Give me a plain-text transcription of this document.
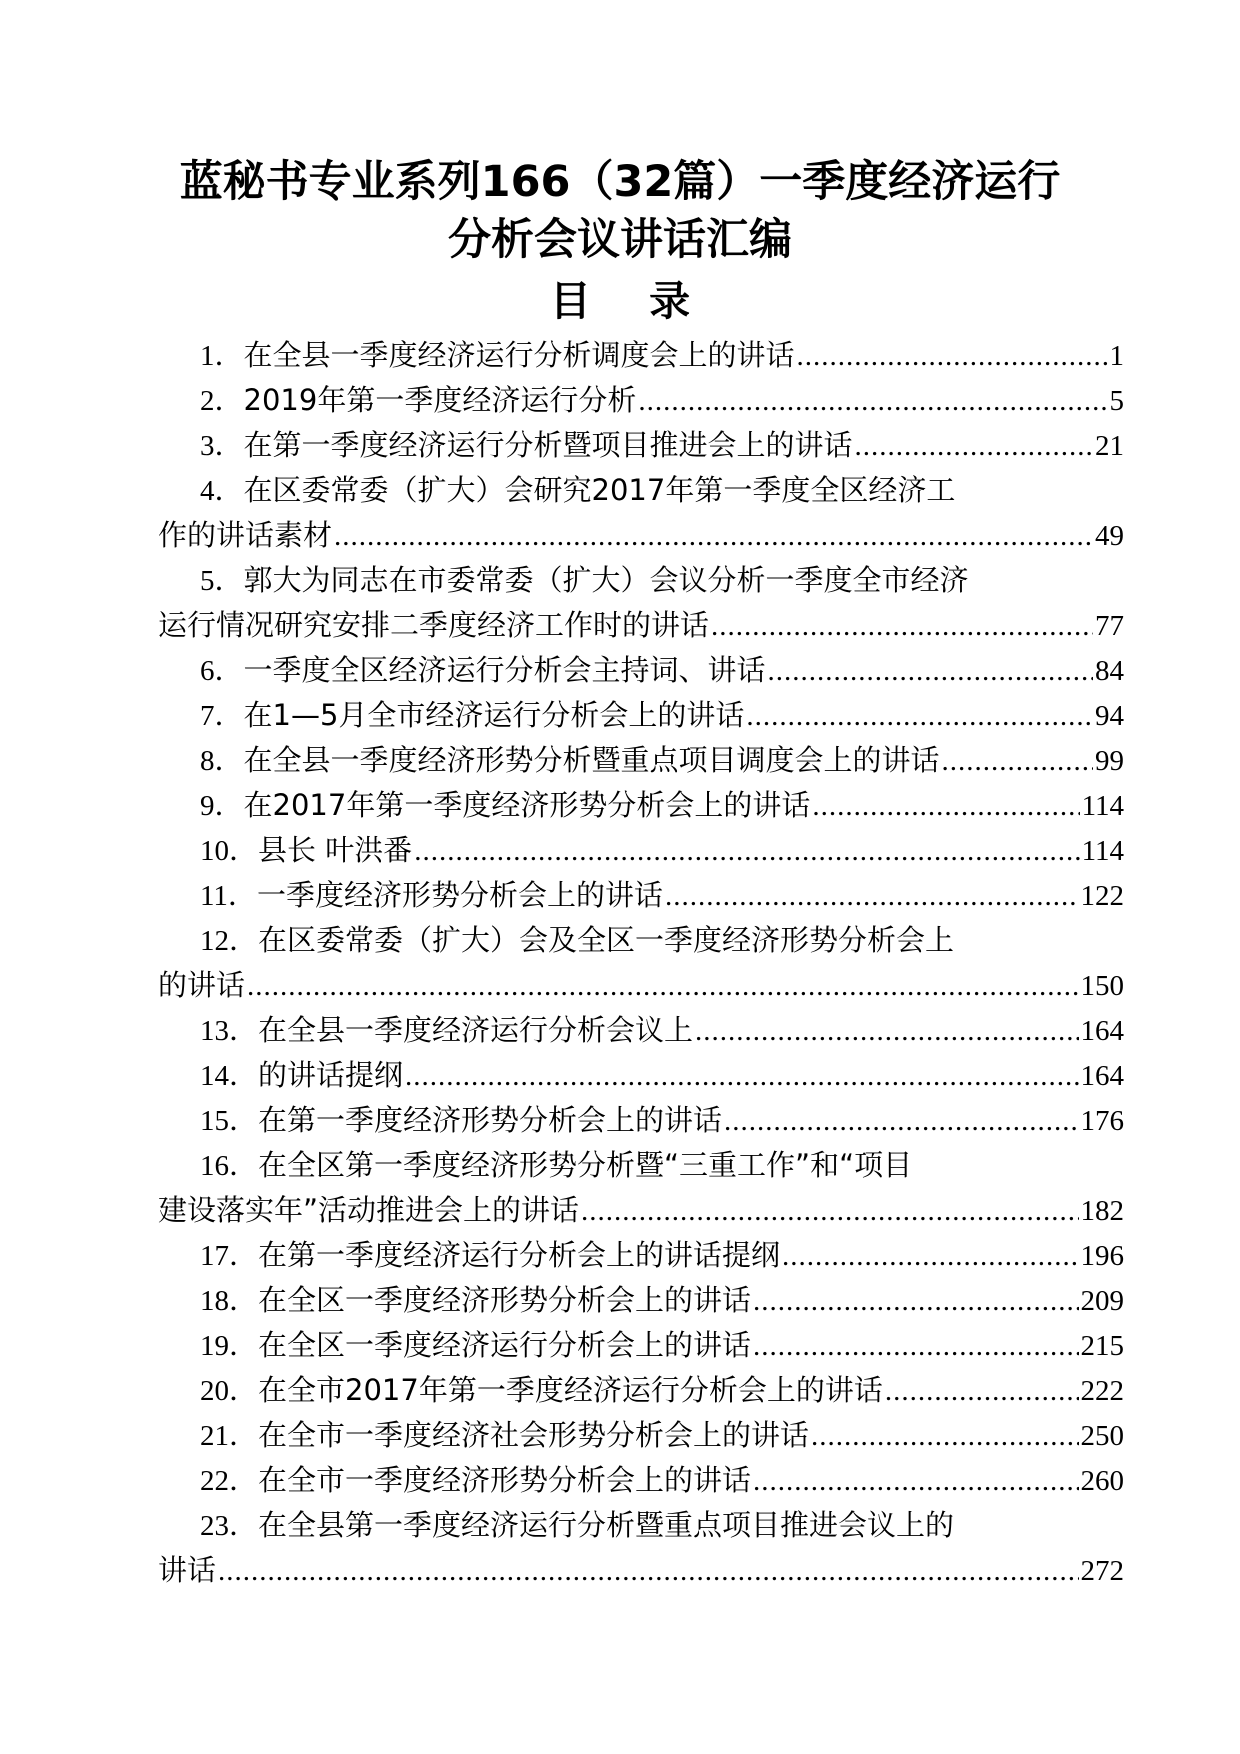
蓝秘书专业系列166（32篇）一季度经济运行
分析会议讲话汇编
目 录
1． 在全县一季度经济运行分析调度会上的讲话 .....	1
2． 2019年第一季度经济运行分析 .....	5
3． 在第一季度经济运行分析暨项目推进会上的讲话 .....	21
4． 在区委常委（扩大）会研究2017年第一季度全区经济工
作的讲话素材 .....	49
5． 郭大为同志在市委常委（扩大）会议分析一季度全市经济
运行情况研究安排二季度经济工作时的讲话 .....	77
6． 一季度全区经济运行分析会主持词、讲话 .....	84
7． 在1—5月全市经济运行分析会上的讲话 .....	94
8． 在全县一季度经济形势分析暨重点项目调度会上的讲话 .....	99
9． 在2017年第一季度经济形势分析会上的讲话 .....	114
10． 县长 叶洪番 .....	114
11． 一季度经济形势分析会上的讲话 .....	122
12． 在区委常委（扩大）会及全区一季度经济形势分析会上
的讲话 .....	150
13． 在全县一季度经济运行分析会议上 .....	164
14． 的讲话提纲 .....	164
15． 在第一季度经济形势分析会上的讲话 .....	176
16． 在全区第一季度经济形势分析暨“三重工作”和“项目
建设落实年”活动推进会上的讲话 .....	182
17． 在第一季度经济运行分析会上的讲话提纲 .....	196
18． 在全区一季度经济形势分析会上的讲话 .....	209
19． 在全区一季度经济运行分析会上的讲话 .....	215
20． 在全市2017年第一季度经济运行分析会上的讲话 .....	222
21． 在全市一季度经济社会形势分析会上的讲话 .....	250
22． 在全市一季度经济形势分析会上的讲话 .....	260
23． 在全县第一季度经济运行分析暨重点项目推进会议上的
讲话 .....	272
